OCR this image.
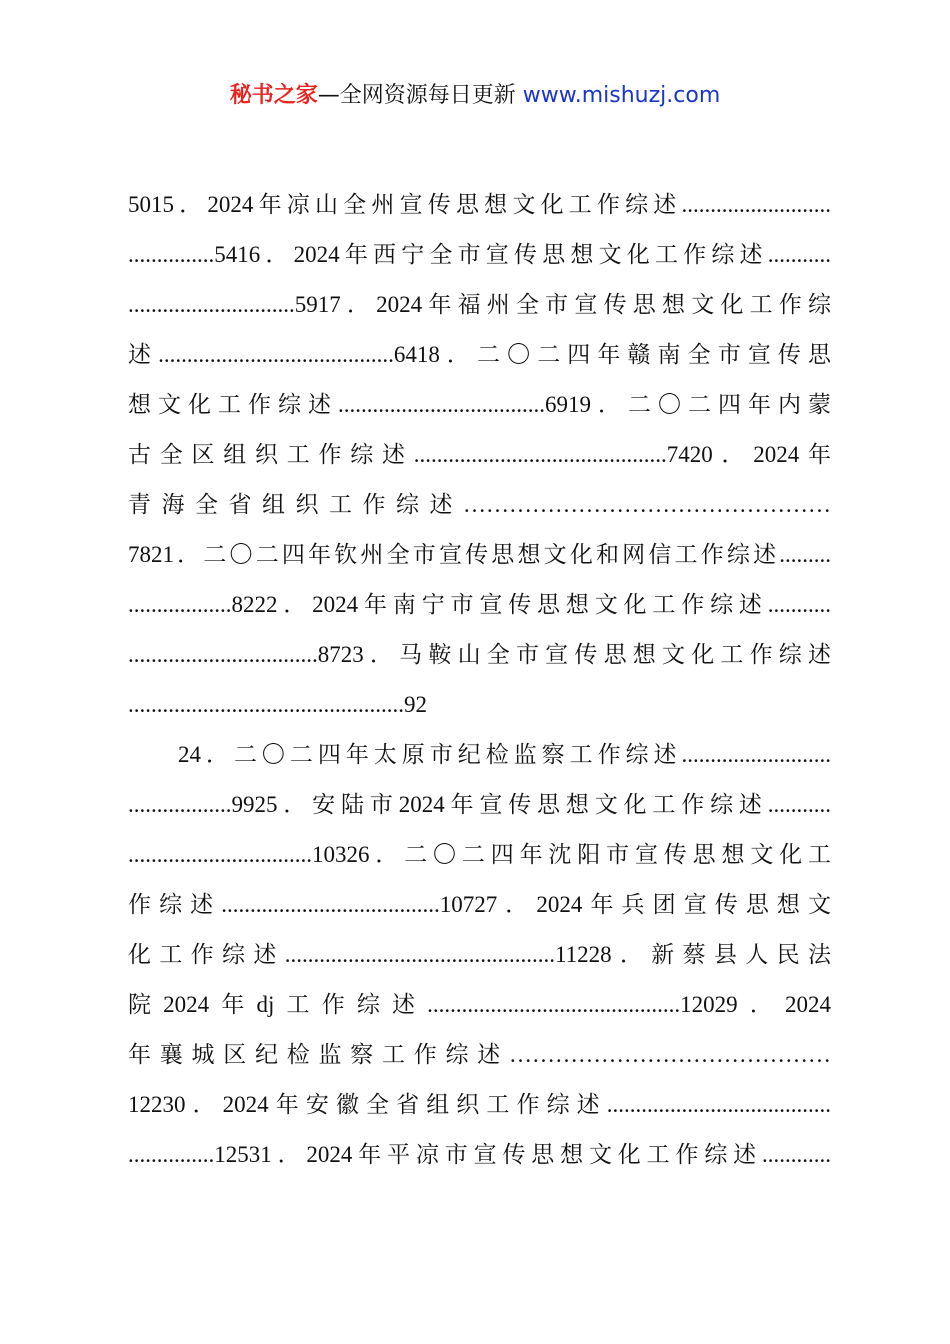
秘书之家—全网资源每日更新 www.mishuzj.com
5015．2024年凉山全州宣传思想文化工作综述..........................
...............5416．2024年西宁全市宣传思想文化工作综述...........
.............................5917．2024年福州全市宣传思想文化工作综
述.........................................6418．二〇二四年赣南全市宣传思
想文化工作综述....................................6919．二〇二四年内蒙
古全区组织工作综述............................................7420．2024年
青海全省组织工作综述…………………………………………
7821．二〇二四年钦州全市宣传思想文化和网信工作综述.........
..................8222．2024年南宁市宣传思想文化工作综述...........
.................................8723．马鞍山全市宣传思想文化工作综述
................................................92
24．二〇二四年太原市纪检监察工作综述..........................
..................9925．安陆市2024年宣传思想文化工作综述...........
................................10326．二〇二四年沈阳市宣传思想文化工
作综述......................................10727．2024年兵团宣传思想文
化工作综述...............................................11228．新蔡县人民法
院2024年dj工作综述............................................12029．2024
年襄城区纪检监察工作综述……………………………………
12230．2024年安徽全省组织工作综述.......................................
...............12531．2024年平凉市宣传思想文化工作综述............
